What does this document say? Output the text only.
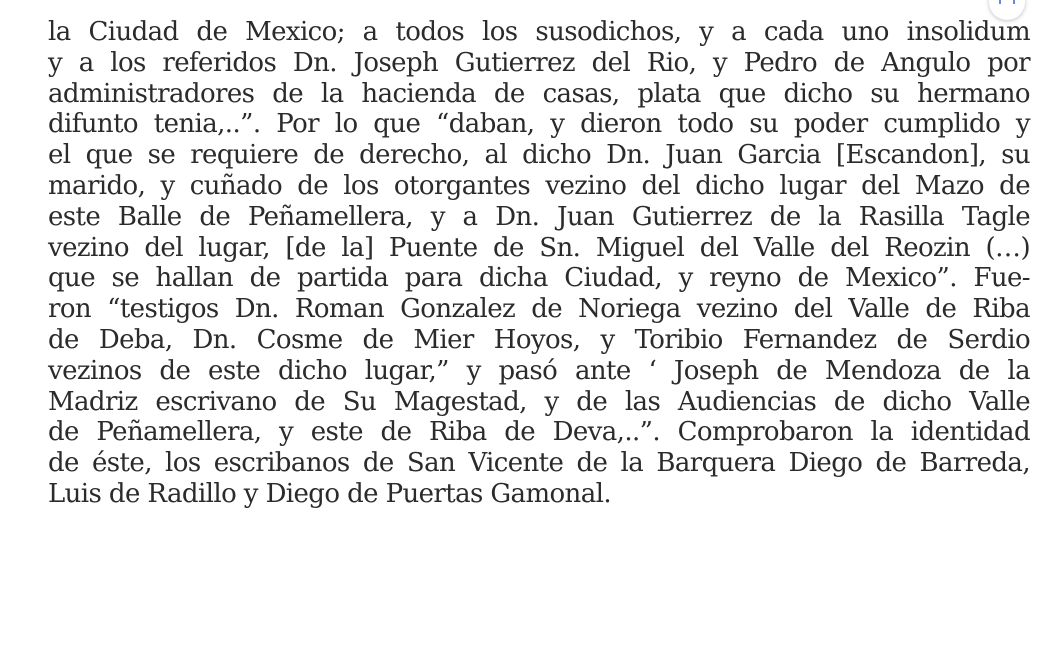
la Ciudad de Mexico; a todos los susodichos, y a cada uno insolidum
y a los referidos Dn. Joseph Gutierrez del Rio, y Pedro de Angulo por
administradores de la hacienda de casas, plata que dicho su hermano
difunto tenia,..”. Por lo que “daban, y dieron todo su poder cumplido y
el que se requiere de derecho, al dicho Dn. Juan Garcia [Escandon], su
marido, y cuñado de los otorgantes vezino del dicho lugar del Mazo de
este Balle de Peñamellera, y a Dn. Juan Gutierrez de la Rasilla Tagle
vezino del lugar, [de la] Puente de Sn. Miguel del Valle del Reozin (…)
que se hallan de partida para dicha Ciudad, y reyno de Mexico”. Fue-
ron “testigos Dn. Roman Gonzalez de Noriega vezino del Valle de Riba
de Deba, Dn. Cosme de Mier Hoyos, y Toribio Fernandez de Serdio
vezinos de este dicho lugar,” y pasó ante ‘ Joseph de Mendoza de la
Madriz escrivano de Su Magestad, y de las Audiencias de dicho Valle
de Peñamellera, y este de Riba de Deva,..”. Comprobaron la identidad
de éste, los escribanos de San Vicente de la Barquera Diego de Barreda,
Luis de Radillo y Diego de Puertas Gamonal.
